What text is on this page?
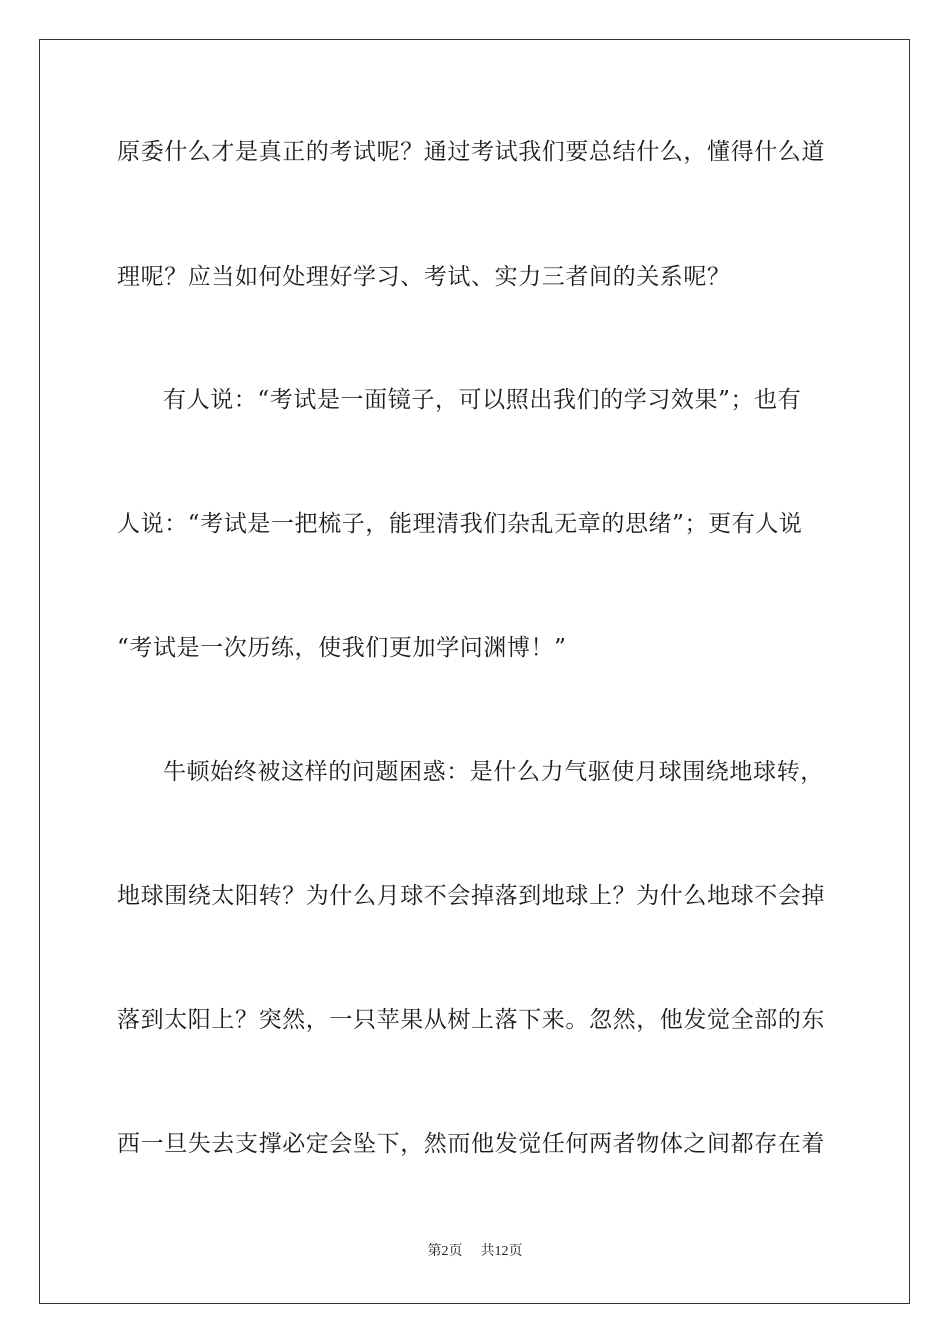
原委什么才是真正的考试呢？通过考试我们要总结什么，懂得什么道
理呢？应当如何处理好学习、考试、实力三者间的关系呢？
有人说：“考试是一面镜子，可以照出我们的学习效果”；也有
人说：“考试是一把梳子，能理清我们杂乱无章的思绪”；更有人说
“考试是一次历练，使我们更加学问渊博！”
牛顿始终被这样的问题困惑：是什么力气驱使月球围绕地球转，
地球围绕太阳转？为什么月球不会掉落到地球上？为什么地球不会掉
落到太阳上？突然，一只苹果从树上落下来。忽然，他发觉全部的东
西一旦失去支撑必定会坠下，然而他发觉任何两者物体之间都存在着
第2页 共12页
